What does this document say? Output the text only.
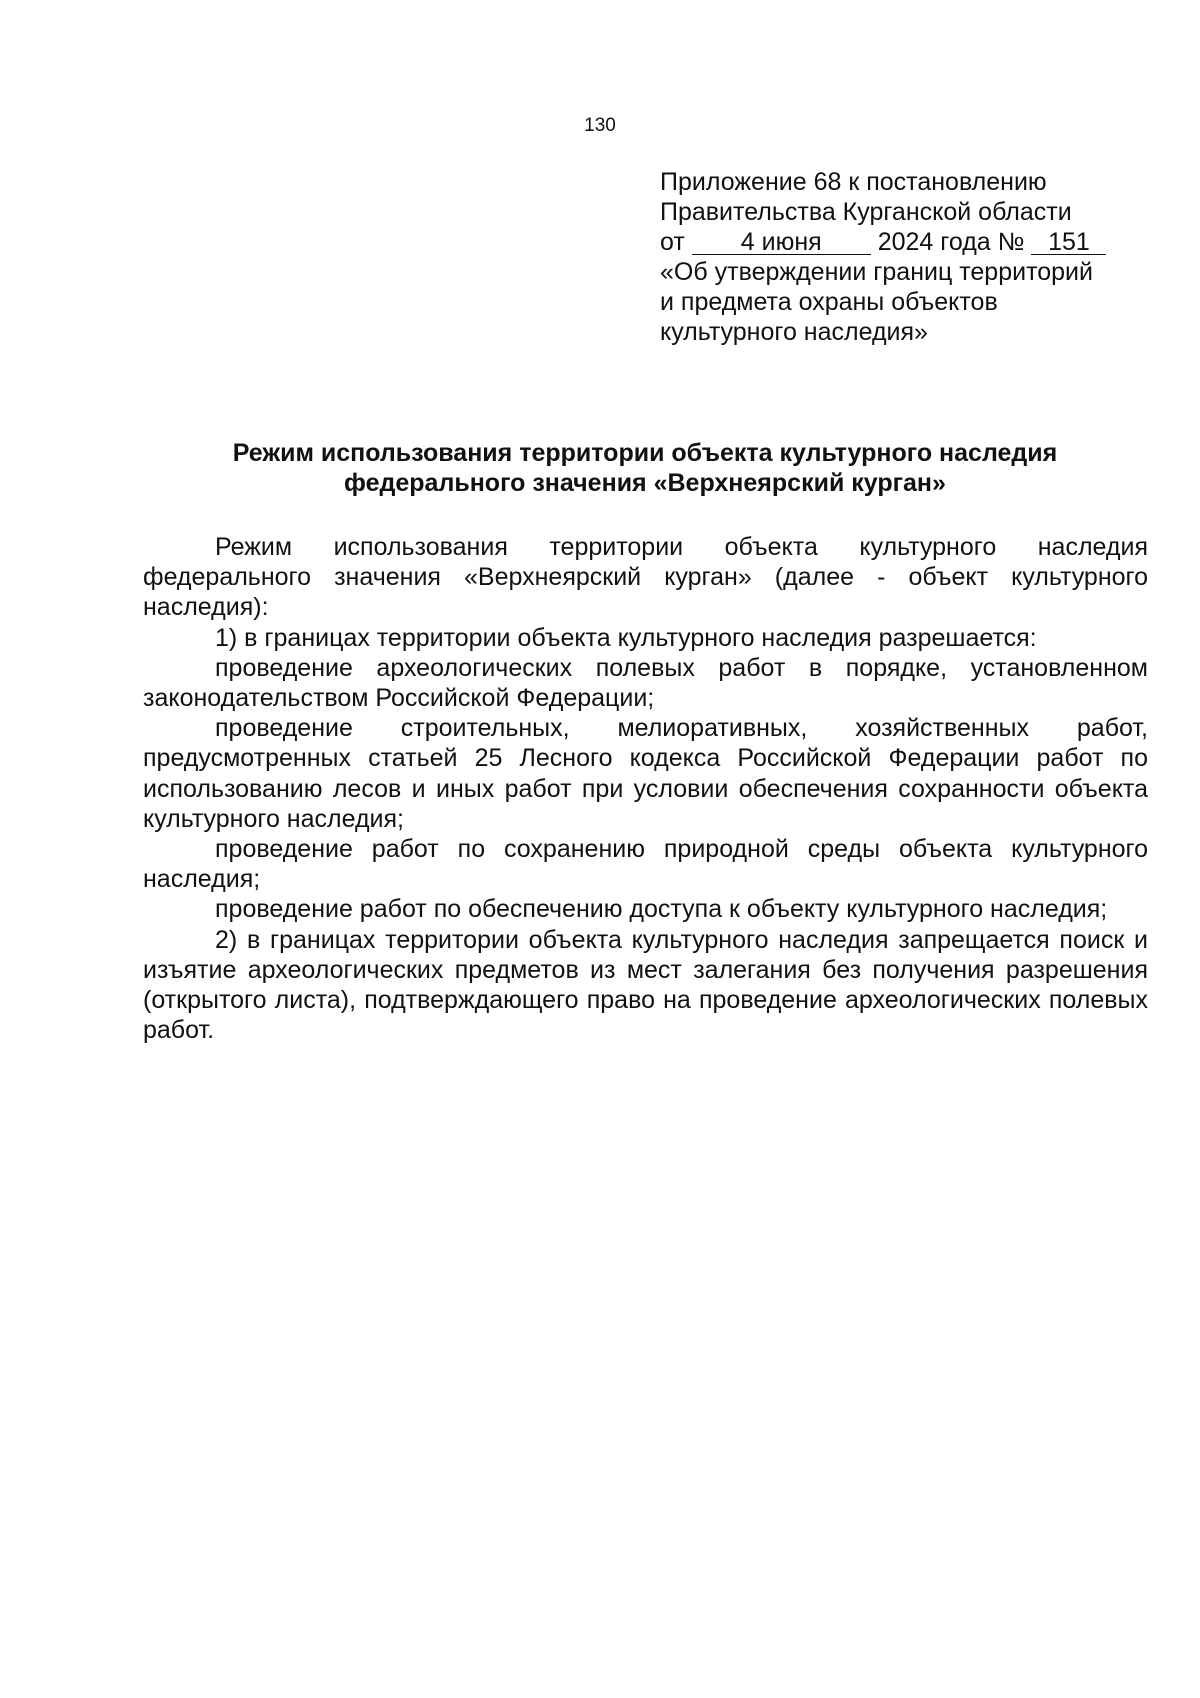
130
Приложение 68 к постановлению
Правительства Курганской области
от 4 июня 2024 года № 151
«Об утверждении границ территорий
и предмета охраны объектов
культурного наследия»
Режим использования территории объекта культурного наследия
федерального значения «Верхнеярский курган»

Режим использования территории объекта культурного наследия федерального значения «Верхнеярский курган» (далее - объект культурного наследия):

1) в границах территории объекта культурного наследия разрешается:

проведение археологических полевых работ в порядке, установленном законодательством Российской Федерации;

проведение строительных, мелиоративных, хозяйственных работ, предусмотренных статьей 25 Лесного кодекса Российской Федерации работ по использованию лесов и иных работ при условии обеспечения сохранности объекта культурного наследия;

проведение работ по сохранению природной среды объекта культурного наследия;

проведение работ по обеспечению доступа к объекту культурного наследия;

2) в границах территории объекта культурного наследия запрещается поиск и изъятие археологических предметов из мест залегания без получения разрешения (открытого листа), подтверждающего право на проведение археологических полевых работ.
